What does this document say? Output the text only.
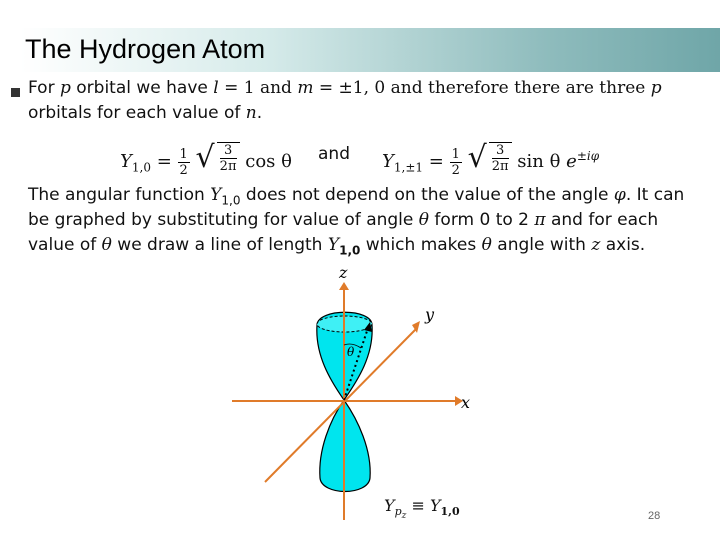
The Hydrogen Atom
For p orbital we have l = 1 and m = ±1, 0 and therefore there are three p
orbitals for each value of n.
$Y_{1,0} = \frac{1}{2}$
√ $\frac{3}{2\pi}$ cos θ and $Y_{1,\pm 1} = \frac{1}{2}$
√ $\frac{3}{2\pi}$ sin θ $e^{\pm i\varphi}$
The angular function $Y_{1,0}$ does not depend on the value of the angle φ. It can
be graphed by substituting for value of angle θ form 0 to 2 π and for each
value of θ we draw a line of length $Y_{1,0}$ which makes θ angle with z axis.
θ
z
y
x
$Y_{p_z} \equiv Y_{1,0}$	28
